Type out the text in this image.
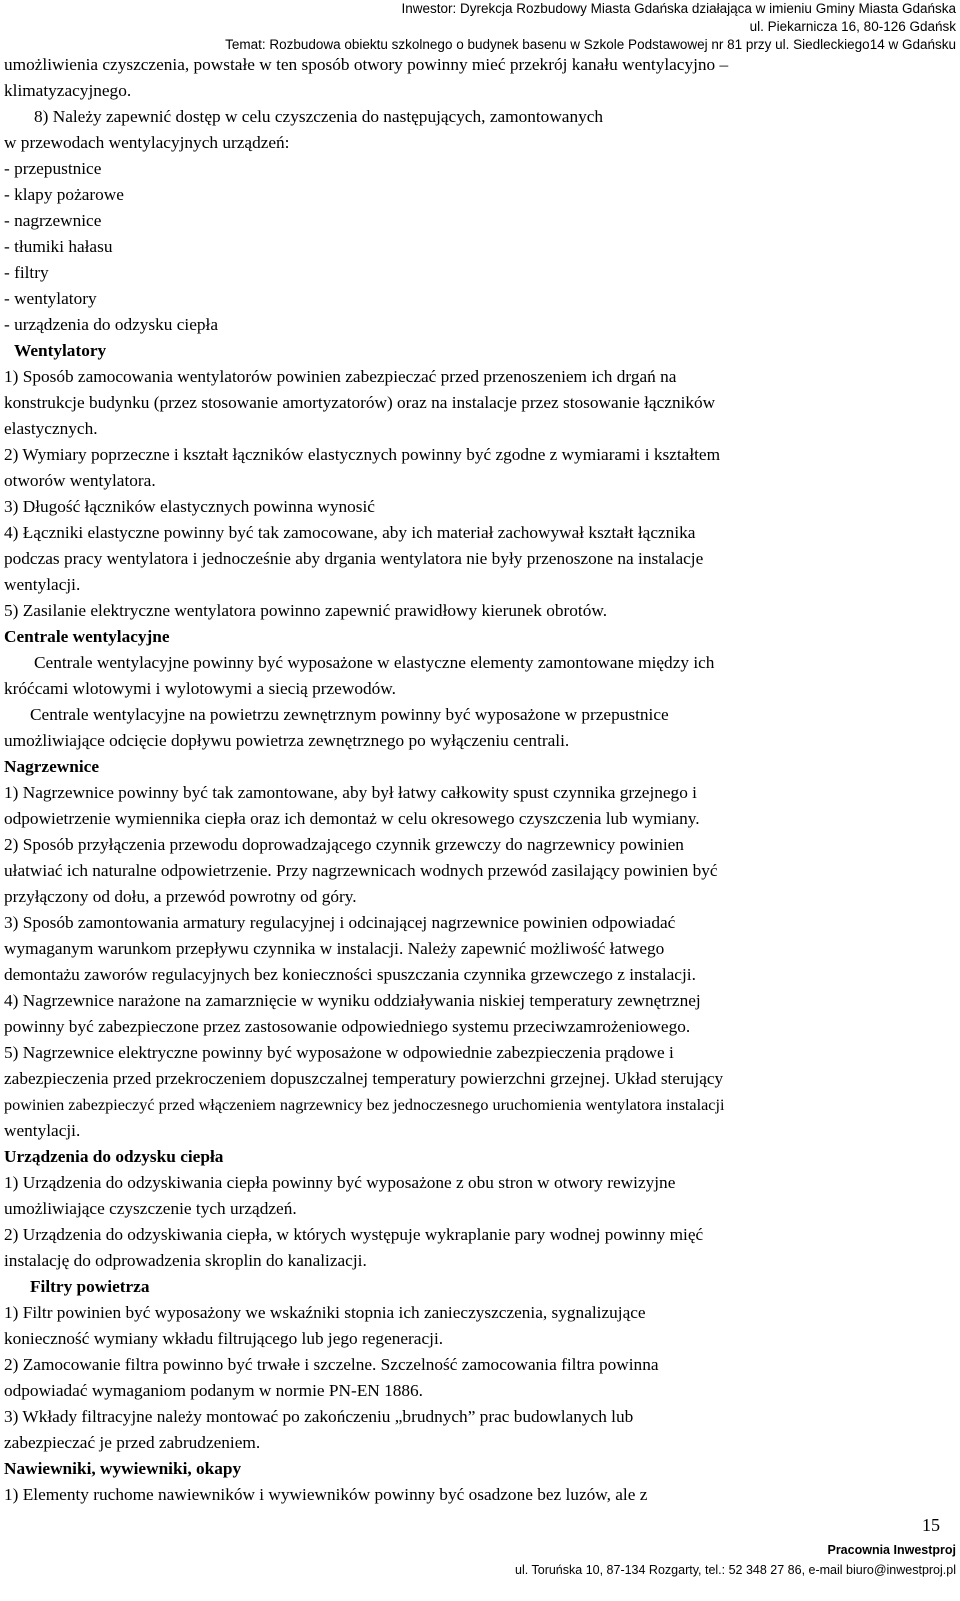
Inwestor: Dyrekcja Rozbudowy Miasta Gdańska działająca w imieniu Gminy Miasta Gdańska
ul. Piekarnicza 16, 80-126 Gdańsk
Temat: Rozbudowa obiektu szkolnego o budynek basenu w Szkole Podstawowej nr 81 przy ul. Siedleckiego14 w Gdańsku

umożliwienia czyszczenia, powstałe w ten sposób otwory powinny mieć przekrój kanału wentylacyjno –

klimatyzacyjnego.

8) Należy zapewnić dostęp w celu czyszczenia do następujących, zamontowanych

w przewodach wentylacyjnych urządzeń:

- przepustnice

- klapy pożarowe

- nagrzewnice

- tłumiki hałasu

- filtry

- wentylatory

- urządzenia do odzysku ciepła

Wentylatory

1) Sposób zamocowania wentylatorów powinien zabezpieczać przed przenoszeniem ich drgań na

konstrukcje budynku (przez stosowanie amortyzatorów) oraz na instalacje przez stosowanie łączników

elastycznych.

2) Wymiary poprzeczne i kształt łączników elastycznych powinny być zgodne z wymiarami i kształtem

otworów wentylatora.

3) Długość łączników elastycznych powinna wynosić

4) Łączniki elastyczne powinny być tak zamocowane, aby ich materiał zachowywał kształt łącznika

podczas pracy wentylatora i jednocześnie aby drgania wentylatora nie były przenoszone na instalacje

wentylacji.

5) Zasilanie elektryczne wentylatora powinno zapewnić prawidłowy kierunek obrotów.

Centrale wentylacyjne

Centrale wentylacyjne powinny być wyposażone w elastyczne elementy zamontowane między ich

króćcami wlotowymi i wylotowymi a siecią przewodów.

Centrale wentylacyjne na powietrzu zewnętrznym powinny być wyposażone w przepustnice

umożliwiające odcięcie dopływu powietrza zewnętrznego po wyłączeniu centrali.

Nagrzewnice

1) Nagrzewnice powinny być tak zamontowane, aby był łatwy całkowity spust czynnika grzejnego i

odpowietrzenie wymiennika ciepła oraz ich demontaż w celu okresowego czyszczenia lub wymiany.

2) Sposób przyłączenia przewodu doprowadzającego czynnik grzewczy do nagrzewnicy powinien

ułatwiać ich naturalne odpowietrzenie. Przy nagrzewnicach wodnych przewód zasilający powinien być

przyłączony od dołu, a przewód powrotny od góry.

3) Sposób zamontowania armatury regulacyjnej i odcinającej nagrzewnice powinien odpowiadać

wymaganym warunkom przepływu czynnika w instalacji. Należy zapewnić możliwość łatwego

demontażu zaworów regulacyjnych bez konieczności spuszczania czynnika grzewczego z instalacji.

4) Nagrzewnice narażone na zamarznięcie w wyniku oddziaływania niskiej temperatury zewnętrznej

powinny być zabezpieczone przez zastosowanie odpowiedniego systemu przeciwzamrożeniowego.

5) Nagrzewnice elektryczne powinny być wyposażone w odpowiednie zabezpieczenia prądowe i

zabezpieczenia przed przekroczeniem dopuszczalnej temperatury powierzchni grzejnej. Układ sterujący

powinien zabezpieczyć przed włączeniem nagrzewnicy bez jednoczesnego uruchomienia wentylatora instalacji

wentylacji.

Urządzenia do odzysku ciepła

1) Urządzenia do odzyskiwania ciepła powinny być wyposażone z obu stron w otwory rewizyjne

umożliwiające czyszczenie tych urządzeń.

2) Urządzenia do odzyskiwania ciepła, w których występuje wykraplanie pary wodnej powinny mięć

instalację do odprowadzenia skroplin do kanalizacji.

Filtry powietrza

1) Filtr powinien być wyposażony we wskaźniki stopnia ich zanieczyszczenia, sygnalizujące

konieczność wymiany wkładu filtrującego lub jego regeneracji.

2) Zamocowanie filtra powinno być trwałe i szczelne. Szczelność zamocowania filtra powinna

odpowiadać wymaganiom podanym w normie PN-EN 1886.

3) Wkłady filtracyjne należy montować po zakończeniu „brudnych” prac budowlanych lub

zabezpieczać je przed zabrudzeniem.

Nawiewniki, wywiewniki, okapy

1) Elementy ruchome nawiewników i wywiewników powinny być osadzone bez luzów, ale z

15
Pracownia Inwestproj
ul. Toruńska 10, 87-134 Rozgarty, tel.: 52 348 27 86, e-mail biuro@inwestproj.pl
